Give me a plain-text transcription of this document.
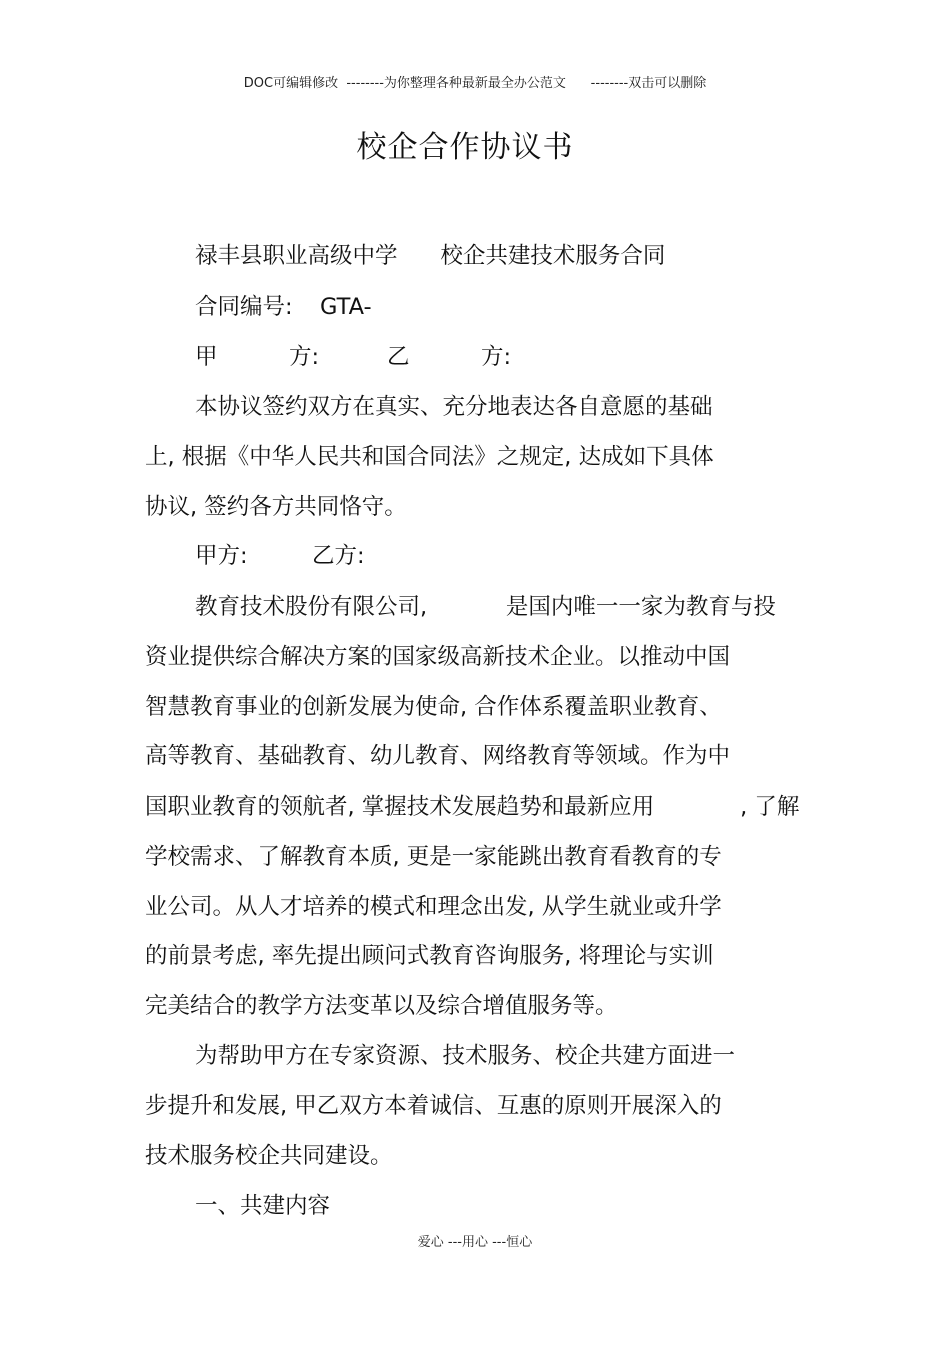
DOC可编辑修改  --------为你整理各种最新最全办公范文      --------双击可以删除
校企合作协议书
禄丰县职业高级中学      校企共建技术服务合同
合同编号: GTA-
甲          方:	乙          方:
本协议签约双方在真实、充分地表达各自意愿的基础
上, 根据《中华人民共和国合同法》之规定, 达成如下具体
协议, 签约各方共同恪守。
甲方:         乙方:
教育技术股份有限公司,           是国内唯一一家为教育与投
资业提供综合解决方案的国家级高新技术企业。以推动中国
智慧教育事业的创新发展为使命, 合作体系覆盖职业教育、
高等教育、基础教育、幼儿教育、网络教育等领域。作为中
国职业教育的领航者, 掌握技术发展趋势和最新应用            , 了解
学校需求、了解教育本质, 更是一家能跳出教育看教育的专
业公司。从人才培养的模式和理念出发, 从学生就业或升学
的前景考虑, 率先提出顾问式教育咨询服务, 将理论与实训
完美结合的教学方法变革以及综合增值服务等。
为帮助甲方在专家资源、技术服务、校企共建方面进一
步提升和发展, 甲乙双方本着诚信、互惠的原则开展深入的
技术服务校企共同建设。
一、共建内容
爱心 ---用心 ---恒心
